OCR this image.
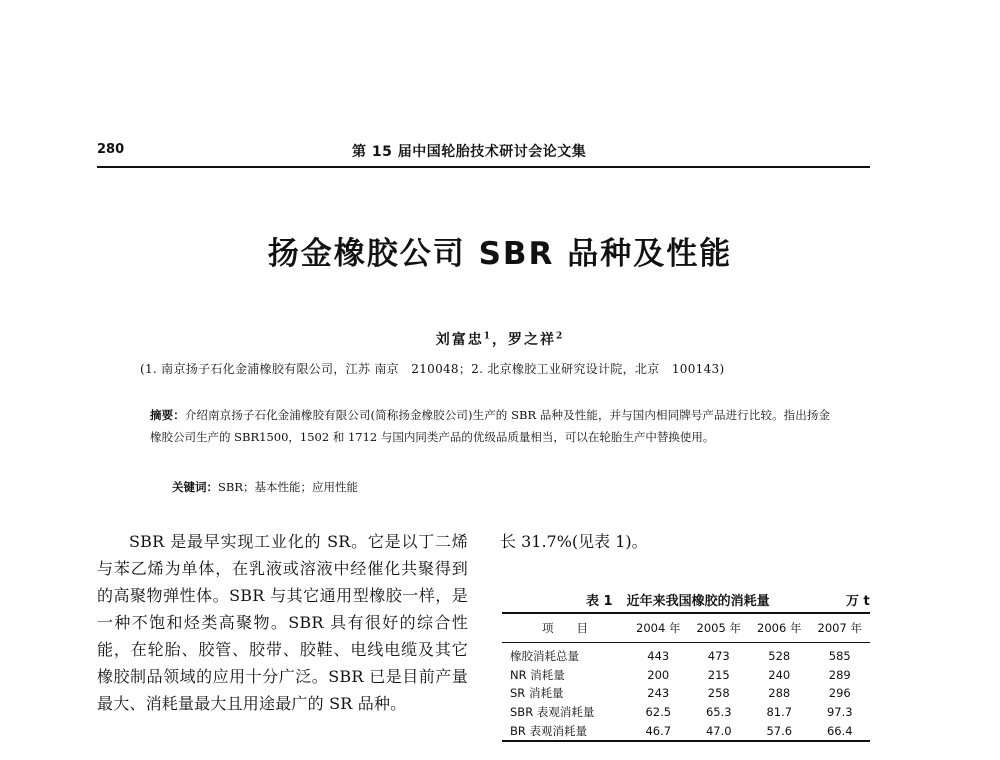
280	第 15 届中国轮胎技术研讨会论文集
扬金橡胶公司 SBR 品种及性能
刘富忠$^1$，罗之祥$^2$
(1. 南京扬子石化金浦橡胶有限公司，江苏 南京　210048；2. 北京橡胶工业研究设计院，北京　100143)
摘要：介绍南京扬子石化金浦橡胶有限公司(简称扬金橡胶公司)生产的 SBR 品种及性能，并与国内相同牌号产品进行比较。指出扬金橡胶公司生产的 SBR1500，1502 和 1712 与国内同类产品的优级品质量相当，可以在轮胎生产中替换使用。
关键词：SBR；基本性能；应用性能
SBR 是最早实现工业化的 SR。它是以丁二烯与苯乙烯为单体，在乳液或溶液中经催化共聚得到的高聚物弹性体。SBR 与其它通用型橡胶一样，是一种不饱和烃类高聚物。SBR 具有很好的综合性能，在轮胎、胶管、胶带、胶鞋、电线电缆及其它橡胶制品领域的应用十分广泛。SBR 已是目前产量最大、消耗量最大且用途最广的 SR 品种。
长 31.7%(见表 1)。
表 1 近年来我国橡胶的消耗量	万 t
项　　目	2004 年	2005 年	2006 年	2007 年
橡胶消耗总量	443	473	528	585
NR 消耗量	200	215	240	289
SR 消耗量	243	258	288	296
SBR 表观消耗量	62.5	65.3	81.7	97.3
BR 表观消耗量	46.7	47.0	57.6	66.4
